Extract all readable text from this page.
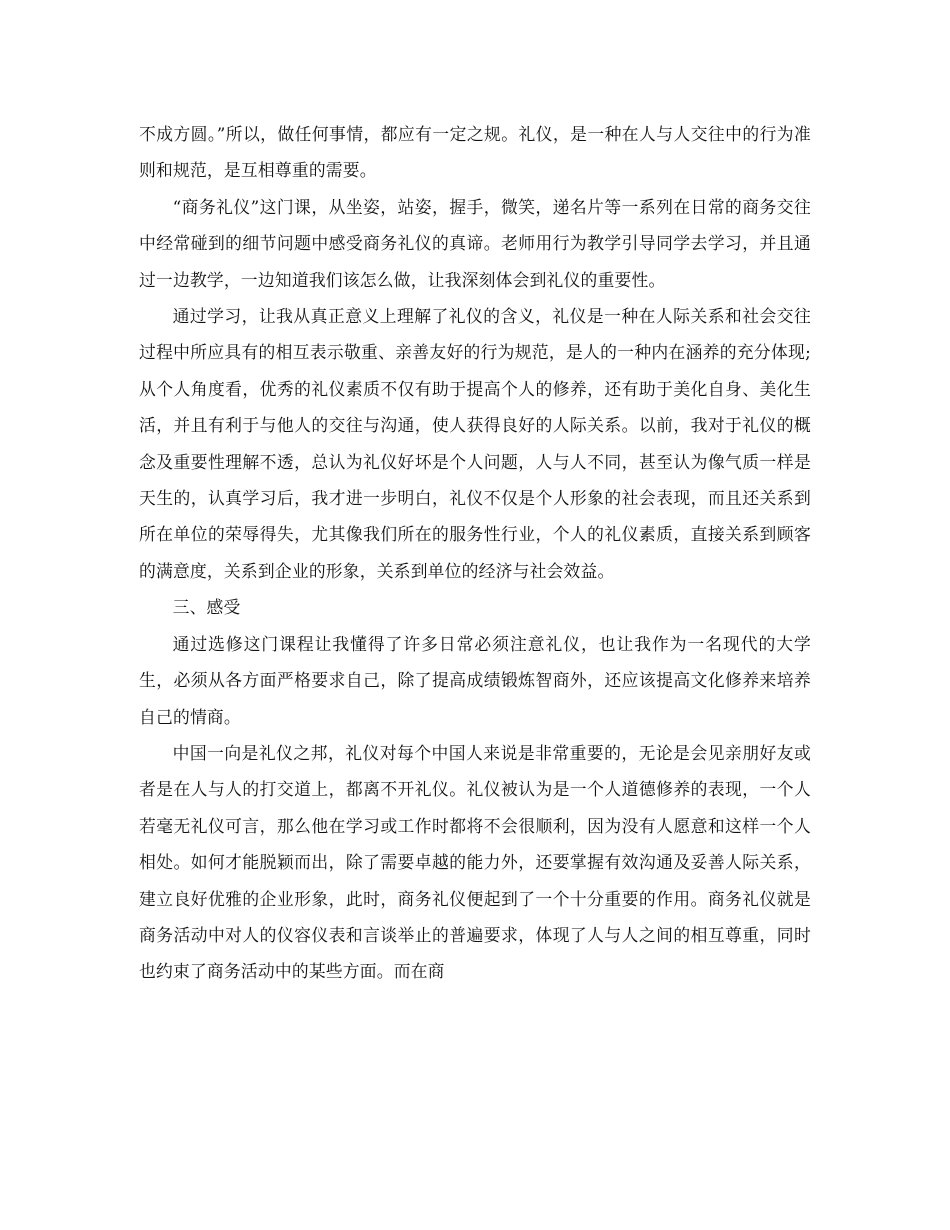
不成方圆。”所以，做任何事情，都应有一定之规。礼仪，是一种在人与人交往中的行为准则和规范，是互相尊重的需要。

“商务礼仪”这门课，从坐姿，站姿，握手，微笑，递名片等一系列在日常的商务交往中经常碰到的细节问题中感受商务礼仪的真谛。老师用行为教学引导同学去学习，并且通过一边教学，一边知道我们该怎么做，让我深刻体会到礼仪的重要性。

通过学习，让我从真正意义上理解了礼仪的含义，礼仪是一种在人际关系和社会交往过程中所应具有的相互表示敬重、亲善友好的行为规范，是人的一种内在涵养的充分体现;从个人角度看，优秀的礼仪素质不仅有助于提高个人的修养，还有助于美化自身、美化生活，并且有利于与他人的交往与沟通，使人获得良好的人际关系。以前，我对于礼仪的概念及重要性理解不透，总认为礼仪好坏是个人问题，人与人不同，甚至认为像气质一样是天生的，认真学习后，我才进一步明白，礼仪不仅是个人形象的社会表现，而且还关系到所在单位的荣辱得失，尤其像我们所在的服务性行业，个人的礼仪素质，直接关系到顾客的满意度，关系到企业的形象，关系到单位的经济与社会效益。

三、感受

通过选修这门课程让我懂得了许多日常必须注意礼仪，也让我作为一名现代的大学生，必须从各方面严格要求自己，除了提高成绩锻炼智商外，还应该提高文化修养来培养自己的情商。

中国一向是礼仪之邦，礼仪对每个中国人来说是非常重要的，无论是会见亲朋好友或者是在人与人的打交道上，都离不开礼仪。礼仪被认为是一个人道德修养的表现，一个人若毫无礼仪可言，那么他在学习或工作时都将不会很顺利，因为没有人愿意和这样一个人相处。如何才能脱颖而出，除了需要卓越的能力外，还要掌握有效沟通及妥善人际关系，建立良好优雅的企业形象，此时，商务礼仪便起到了一个十分重要的作用。商务礼仪就是商务活动中对人的仪容仪表和言谈举止的普遍要求，体现了人与人之间的相互尊重，同时也约束了商务活动中的某些方面。而在商
